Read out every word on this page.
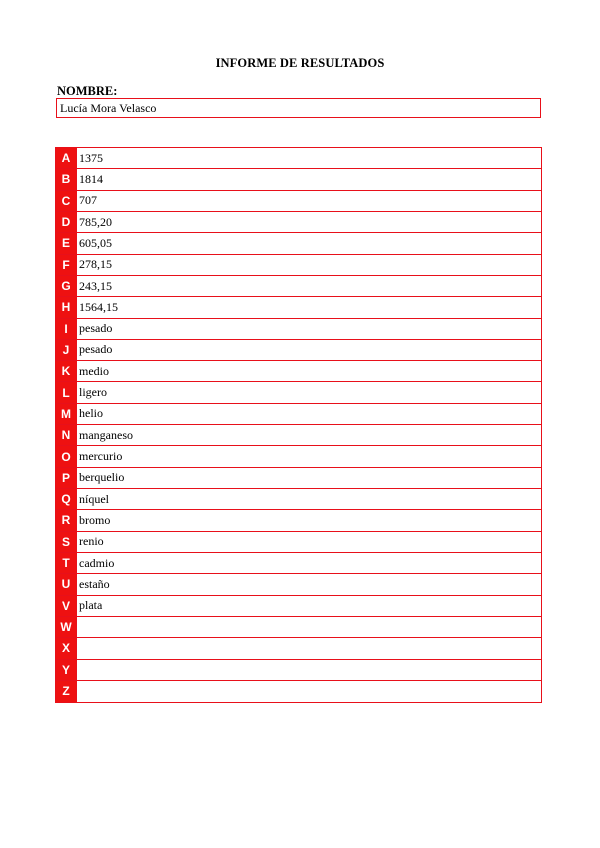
INFORME DE RESULTADOS
NOMBRE:
Lucía Mora Velasco
A 1375
B 1814
C 707
D 785,20
E 605,05
F 278,15
G 243,15
H 1564,15
I pesado
J pesado
K medio
L ligero
M helio
N manganeso
O mercurio
P berquelio
Q níquel
R bromo
S renio
T cadmio
U estaño
V plata
W
X
Y
Z
